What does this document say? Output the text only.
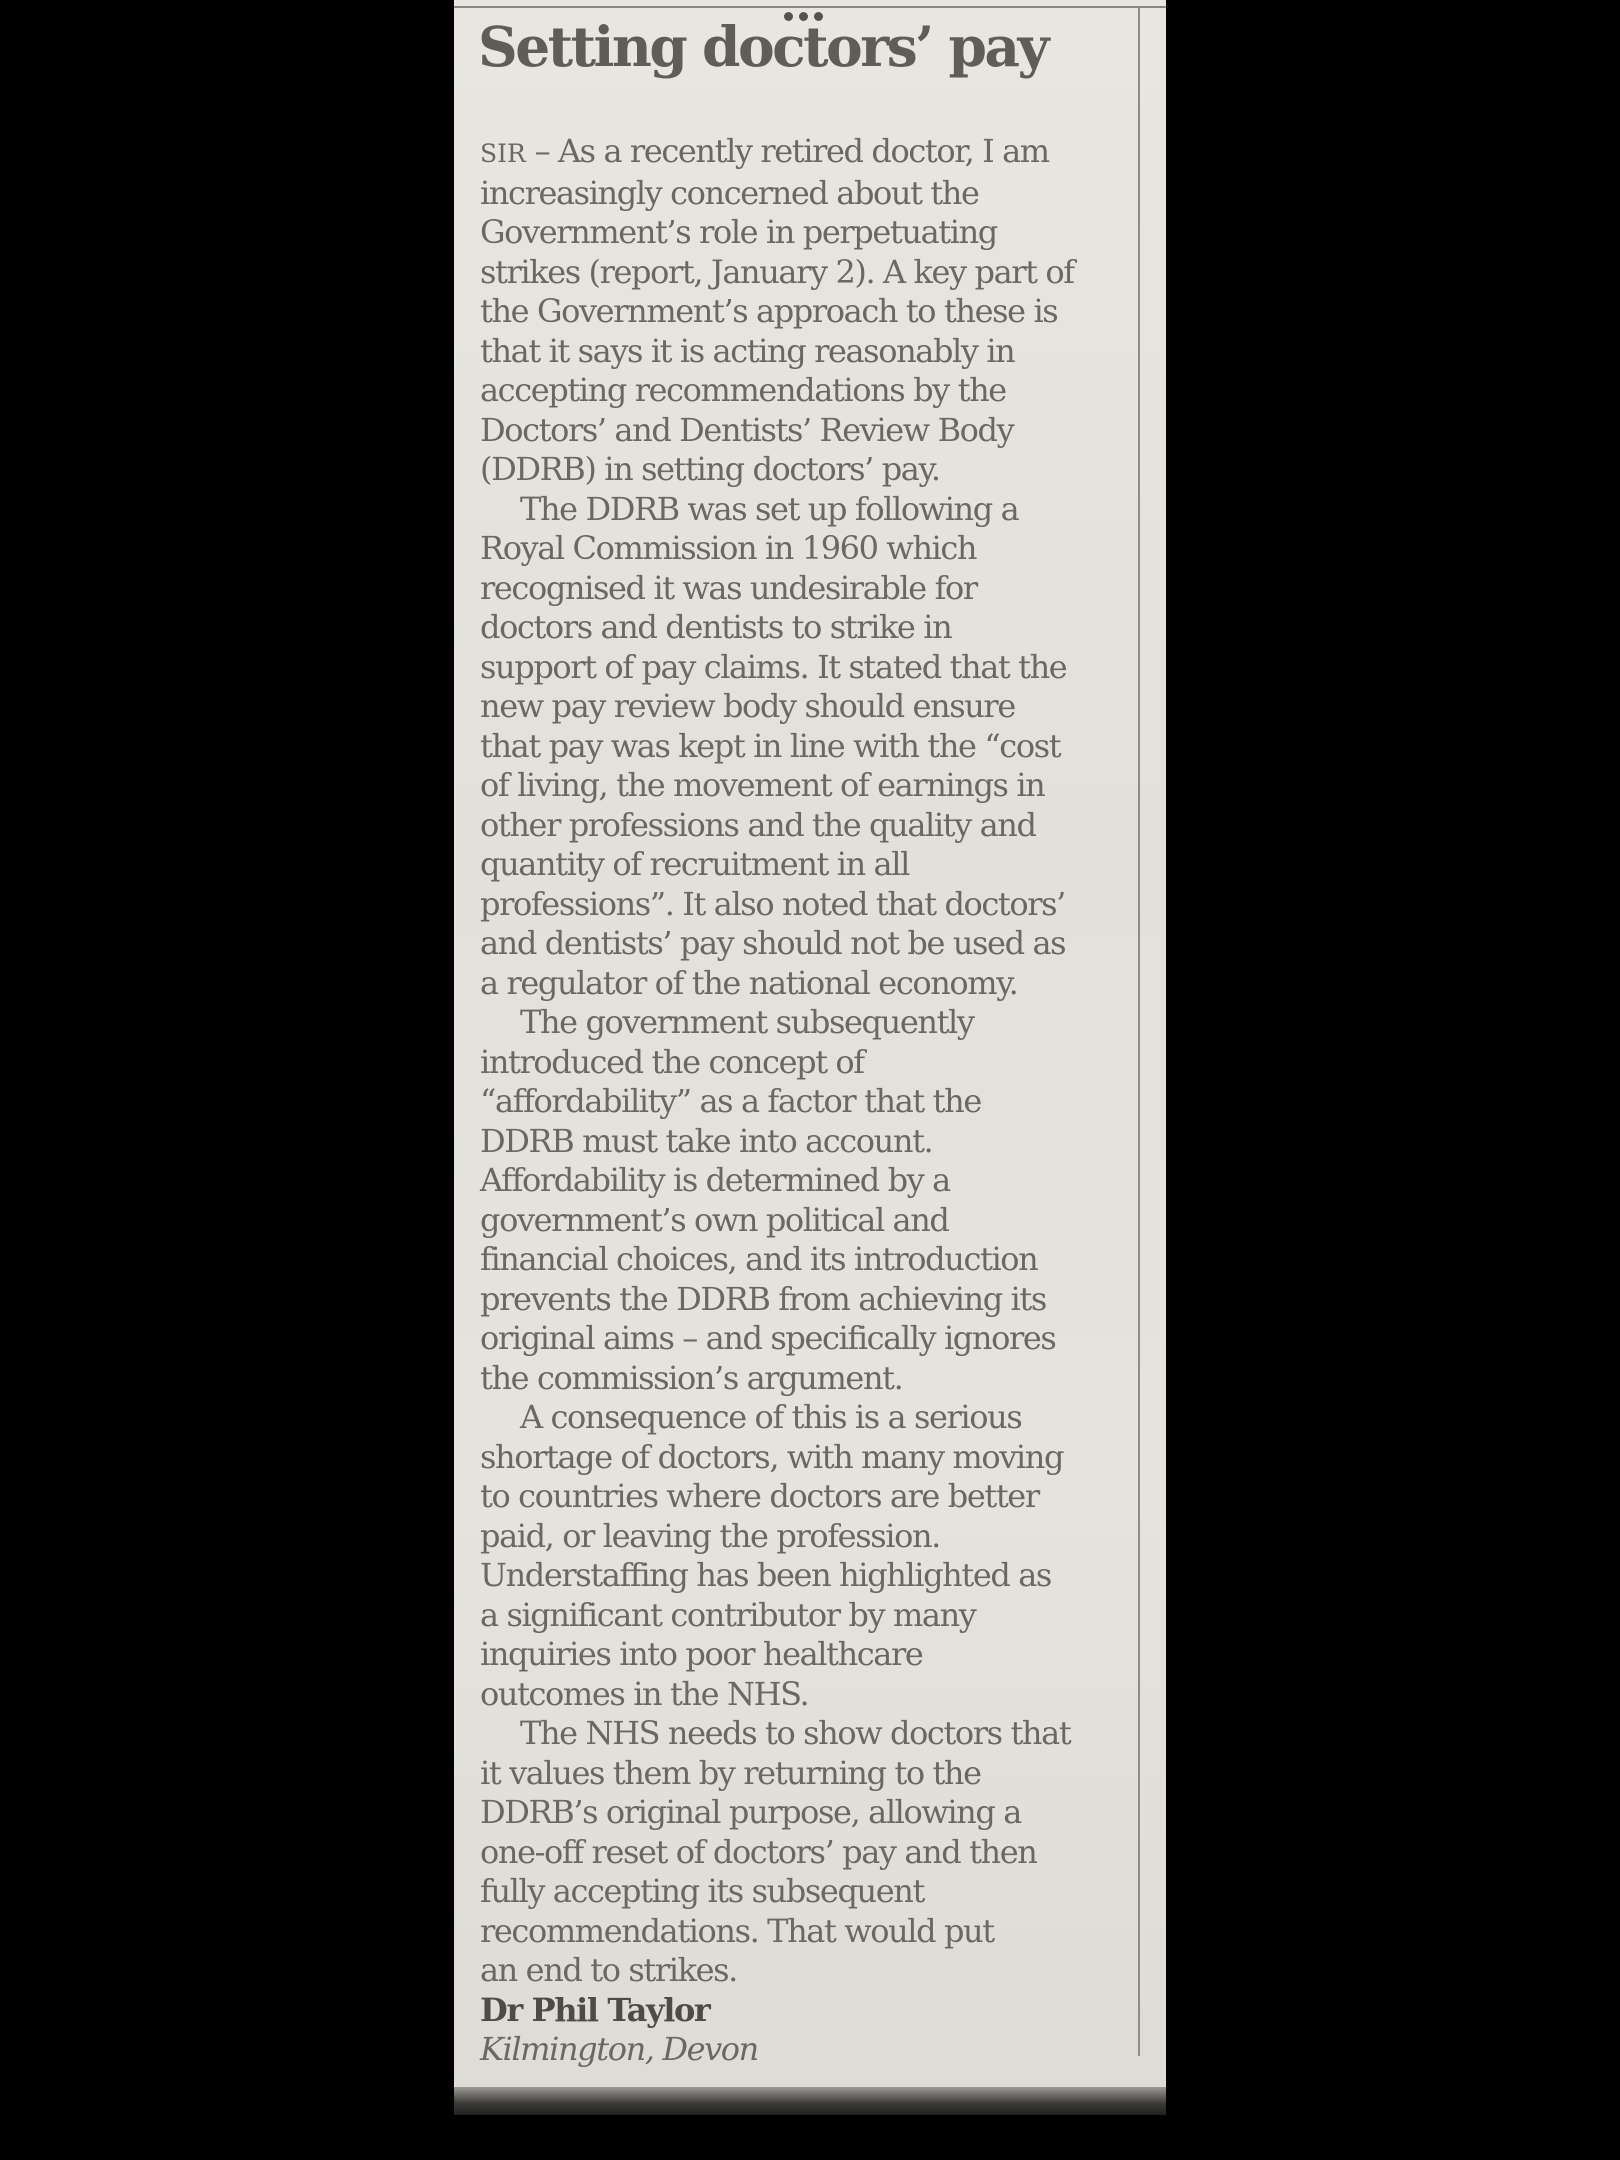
Setting doctors’ pay
SIR – As a recently retired doctor, I am
increasingly concerned about the
Government’s role in perpetuating
strikes (report, January 2). A key part of
the Government’s approach to these is
that it says it is acting reasonably in
accepting recommendations by the
Doctors’ and Dentists’ Review Body
(DDRB) in setting doctors’ pay.
The DDRB was set up following a
Royal Commission in 1960 which
recognised it was undesirable for
doctors and dentists to strike in
support of pay claims. It stated that the
new pay review body should ensure
that pay was kept in line with the “cost
of living, the movement of earnings in
other professions and the quality and
quantity of recruitment in all
professions”. It also noted that doctors’
and dentists’ pay should not be used as
a regulator of the national economy.
The government subsequently
introduced the concept of
“affordability” as a factor that the
DDRB must take into account.
Affordability is determined by a
government’s own political and
financial choices, and its introduction
prevents the DDRB from achieving its
original aims – and specifically ignores
the commission’s argument.
A consequence of this is a serious
shortage of doctors, with many moving
to countries where doctors are better
paid, or leaving the profession.
Understaffing has been highlighted as
a significant contributor by many
inquiries into poor healthcare
outcomes in the NHS.
The NHS needs to show doctors that
it values them by returning to the
DDRB’s original purpose, allowing a
one-off reset of doctors’ pay and then
fully accepting its subsequent
recommendations. That would put
an end to strikes.
Dr Phil Taylor
Kilmington, Devon
